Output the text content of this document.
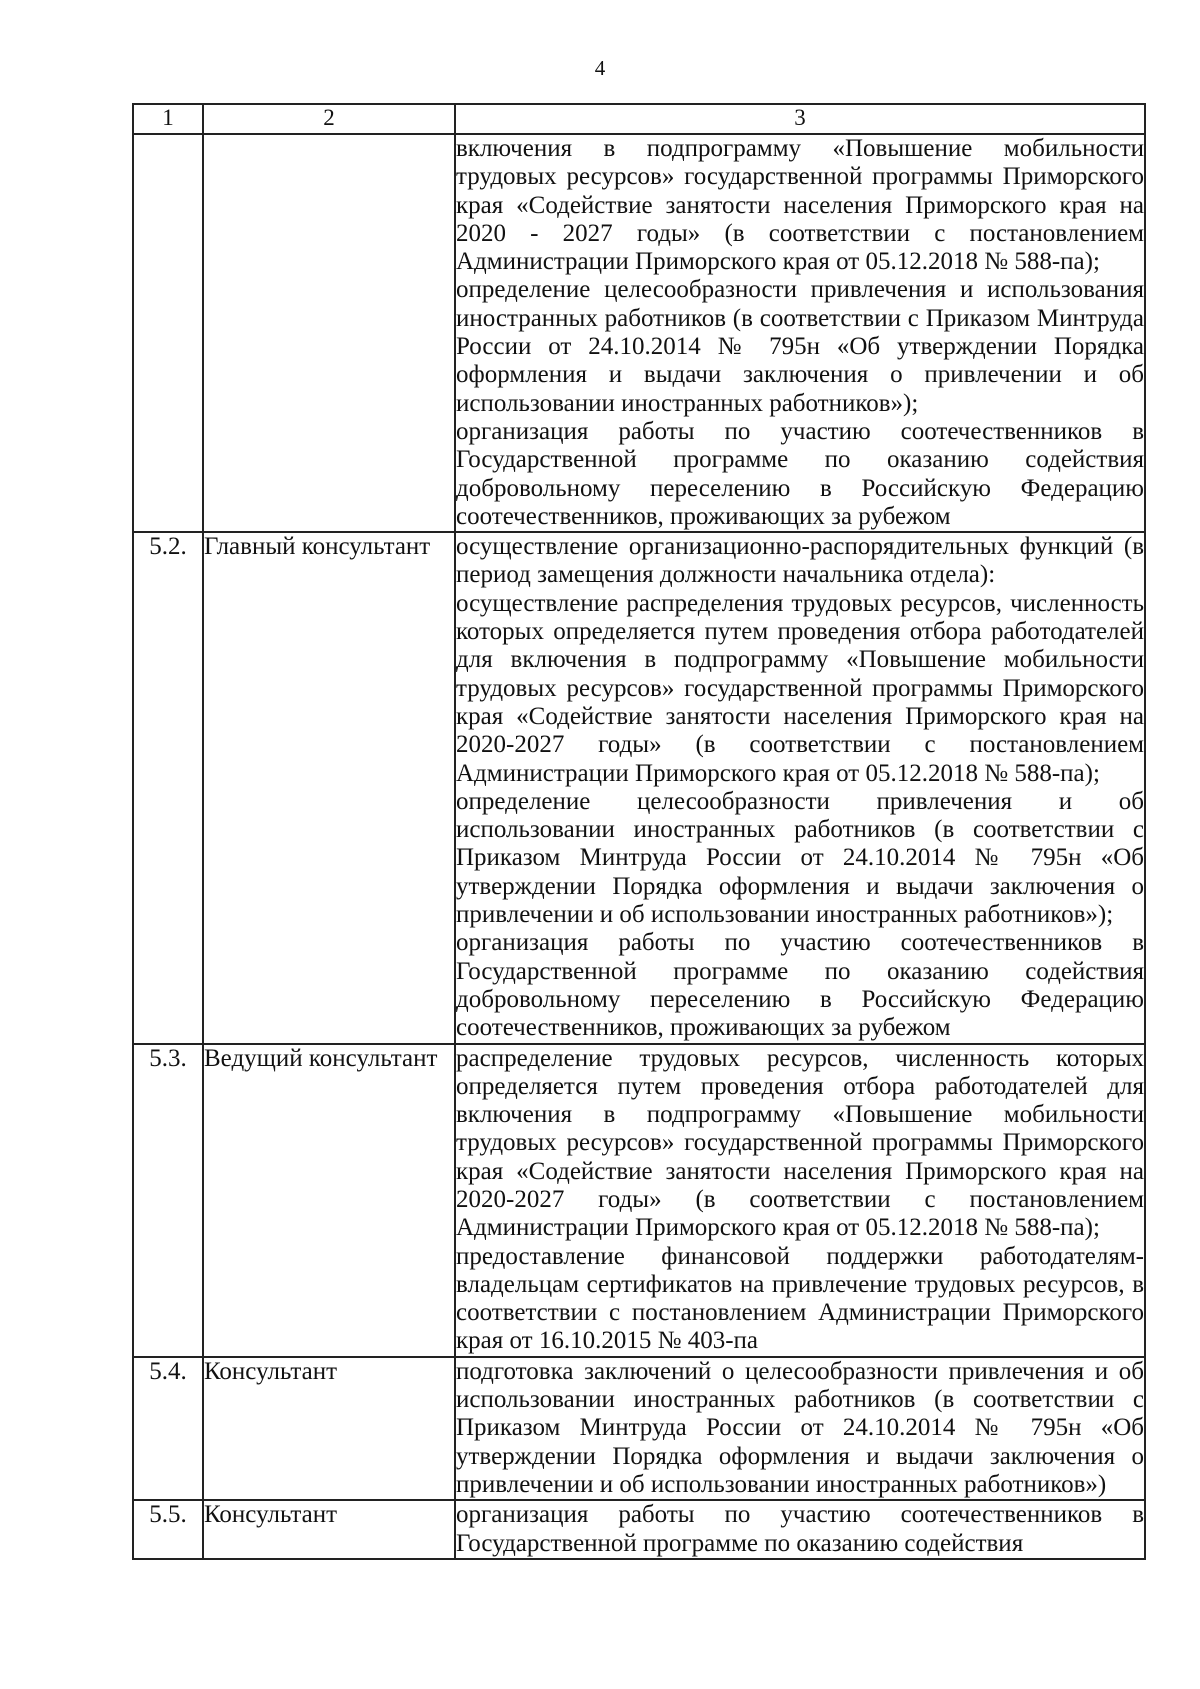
4
1	2	3

		включения в подпрограмму «Повышение мобильности трудовых ресурсов» государственной программы Приморского края «Содействие занятости населения Приморского края на 2020 - 2027 годы» (в соответствии с постановлением Администрации Приморского края от 05.12.2018 № 588-па);

определение целесообразности привлечения и использования иностранных работников (в соответствии с Приказом Минтруда России от 24.10.2014 № 795н «Об утверждении Порядка оформления и выдачи заключения о привлечении и об использовании иностранных работников»);

организация работы по участию соотечественников в Государственной программе по оказанию содействия добровольному переселению в Российскую Федерацию соотечественников, проживающих за рубежом

5.2.	Главный консультант	осуществление организационно-распорядительных функций (в период замещения должности начальника отдела):

осуществление распределения трудовых ресурсов, численность которых определяется путем проведения отбора работодателей для включения в подпрограмму «Повышение мобильности трудовых ресурсов» государственной программы Приморского края «Содействие занятости населения Приморского края на 2020-2027 годы» (в соответствии с постановлением Администрации Приморского края от 05.12.2018 № 588-па);

определение целесообразности привлечения и об использовании иностранных работников (в соответствии с Приказом Минтруда России от 24.10.2014 № 795н «Об утверждении Порядка оформления и выдачи заключения о привлечении и об использовании иностранных работников»);

организация работы по участию соотечественников в Государственной программе по оказанию содействия добровольному переселению в Российскую Федерацию соотечественников, проживающих за рубежом

5.3.	Ведущий консультант	распределение трудовых ресурсов, численность которых определяется путем проведения отбора работодателей для включения в подпрограмму «Повышение мобильности трудовых ресурсов» государственной программы Приморского края «Содействие занятости населения Приморского края на 2020-2027 годы» (в соответствии с постановлением Администрации Приморского края от 05.12.2018 № 588-па);

предоставление финансовой поддержки работодателям-владельцам сертификатов на привлечение трудовых ресурсов, в соответствии с постановлением Администрации Приморского края от 16.10.2015 № 403-па

5.4.	Консультант	подготовка заключений о целесообразности привлечения и об использовании иностранных работников (в соответствии с Приказом Минтруда России от 24.10.2014 № 795н «Об утверждении Порядка оформления и выдачи заключения о привлечении и об использовании иностранных работников»)

5.5.	Консультант	организация работы по участию соотечественников в Государственной программе по оказанию содействия
